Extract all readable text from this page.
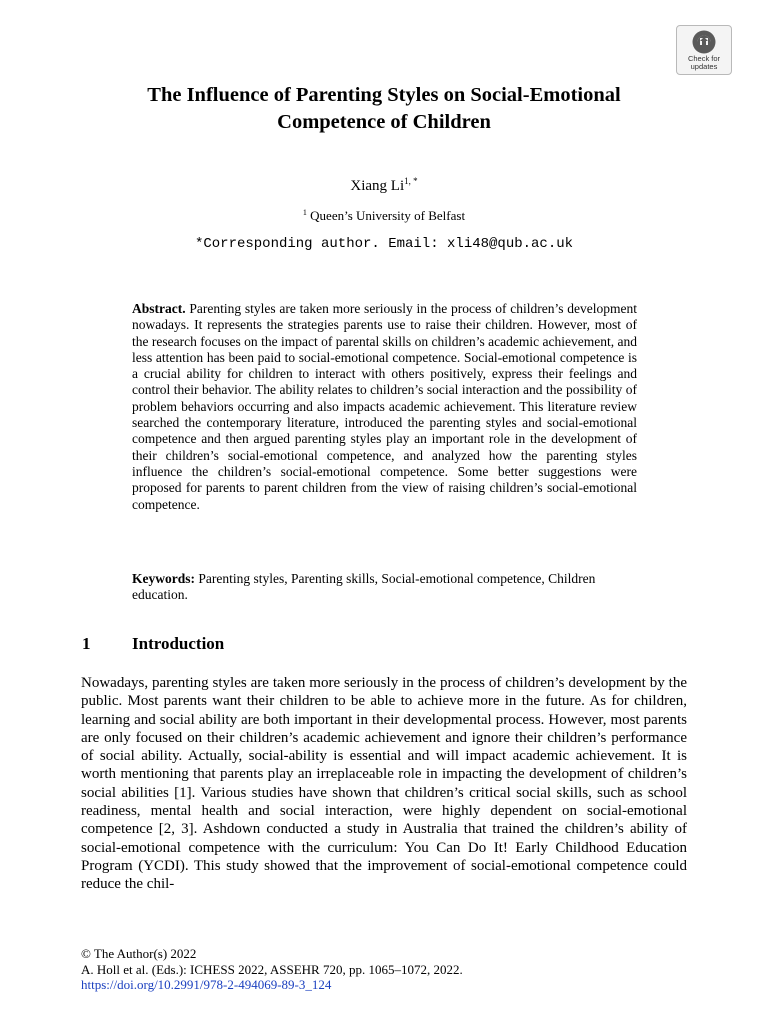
Check for
updates
The Influence of Parenting Styles on Social-Emotional
Competence of Children
Xiang $Li^{1, *}$
$^1$ Queen’s University of Belfast
*Corresponding author. Email: xli48@qub.ac.uk

Abstract. Parenting styles are taken more seriously in the process of children’s development nowadays. It represents the strategies parents use to raise their children. However, most of the research focuses on the impact of parental skills on children’s academic achievement, and less attention has been paid to social-emotional competence. Social-emotional competence is a crucial ability for children to interact with others positively, express their feelings and control their behavior. The ability relates to children’s social interaction and the possibility of problem behaviors occurring and also impacts academic achievement. This literature review searched the contemporary literature, introduced the parenting styles and social-emotional competence and then argued parenting styles play an important role in the development of their children’s social-emotional competence, and analyzed how the parenting styles influence the children’s social-emotional competence. Some better suggestions were proposed for parents to parent children from the view of raising children’s social-emotional competence.

Keywords: Parenting styles, Parenting skills, Social-emotional competence, Children education.

1 Introduction

Nowadays, parenting styles are taken more seriously in the process of children’s development by the public. Most parents want their children to be able to achieve more in the future. As for children, learning and social ability are both important in their developmental process. However, most parents are only focused on their children’s academic achievement and ignore their children’s performance of social ability. Actually, social-ability is essential and will impact academic achievement. It is worth mentioning that parents play an irreplaceable role in impacting the development of children’s social abilities [1]. Various studies have shown that children’s critical social skills, such as school readiness, mental health and social interaction, were highly dependent on social-emotional competence [2, 3]. Ashdown conducted a study in Australia that trained the children’s ability of social-emotional competence with the curriculum: You Can Do It! Early Childhood Education Program (YCDI). This study showed that the improvement of social-emotional competence could reduce the chil-

© The Author(s) 2022
A. Holl et al. (Eds.): ICHESS 2022, ASSEHR 720, pp. 1065–1072, 2022.
https://doi.org/10.2991/978-2-494069-89-3_124
